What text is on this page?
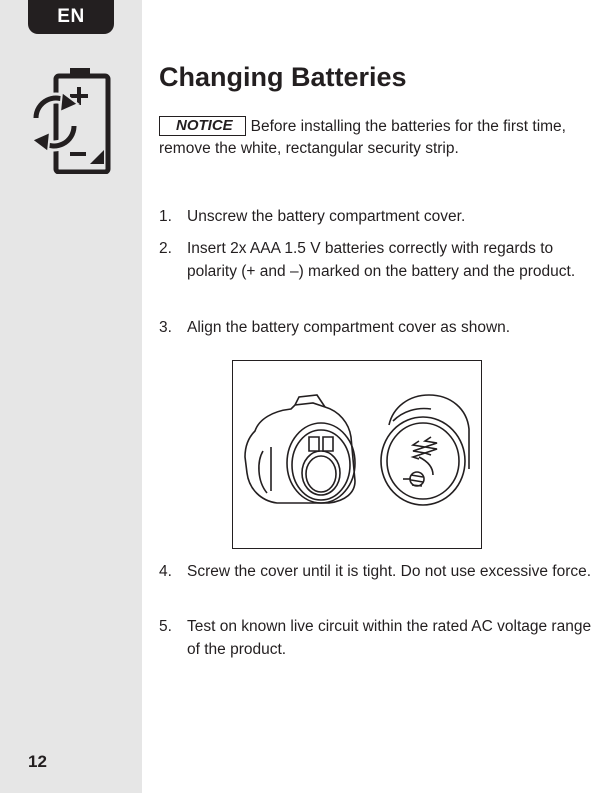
EN
12
Changing Batteries

NOTICE Before installing the batteries for the first time, remove the white, rectangular security strip.

1. Unscrew the battery compartment cover.
2. Insert 2x AAA 1.5 V batteries correctly with regards to polarity (+ and –) marked on the battery and the product.
3. Align the battery compartment cover as shown.
4. Screw the cover until it is tight. Do not use excessive force.
5. Test on known live circuit within the rated AC voltage range of the product.
